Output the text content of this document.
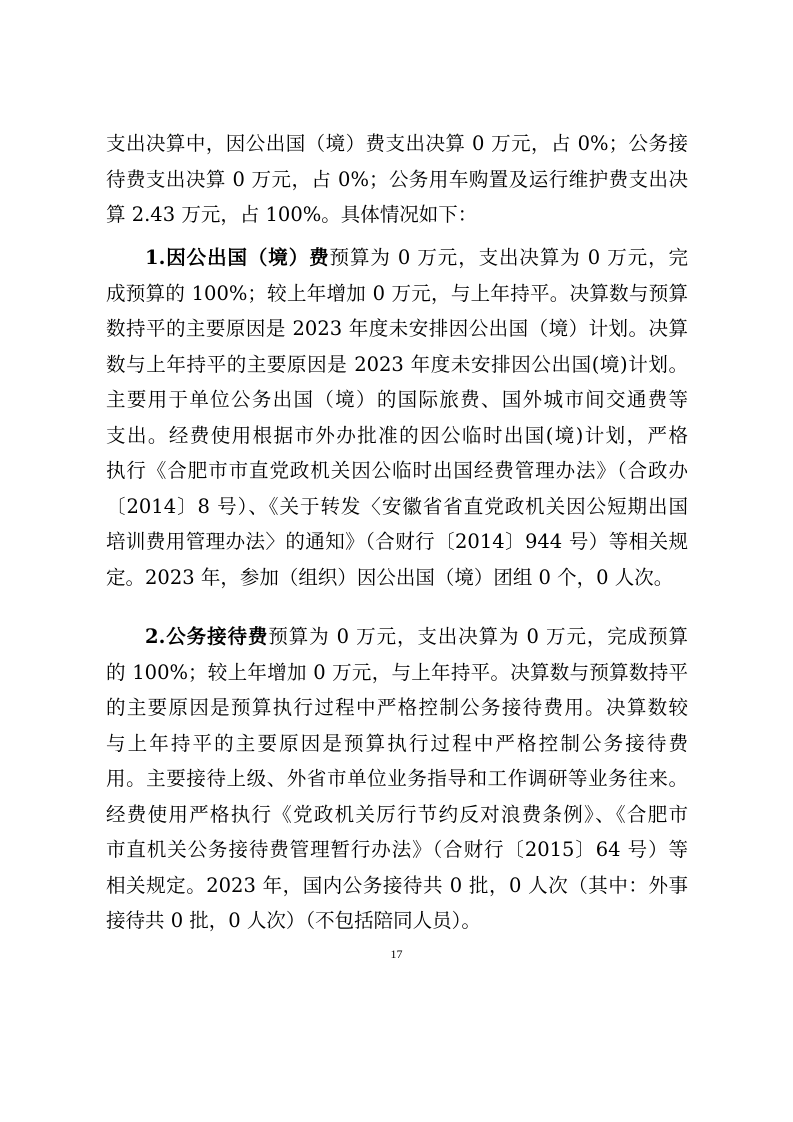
支出决算中，因公出国（境）费支出决算 0 万元，占 0%；公务接
待费支出决算 0 万元，占 0%；公务用车购置及运行维护费支出决
算 2.43 万元，占 100%。具体情况如下：
1.因公出国（境）费预算为 0 万元，支出决算为 0 万元，完
成预算的 100%；较上年增加 0 万元，与上年持平。决算数与预算
数持平的主要原因是 2023 年度未安排因公出国（境）计划。决算
数与上年持平的主要原因是 2023 年度未安排因公出国(境)计划。
主要用于单位公务出国（境）的国际旅费、国外城市间交通费等
支出。经费使用根据市外办批准的因公临时出国(境)计划，严格
执行《合肥市市直党政机关因公临时出国经费管理办法》（合政办
〔2014〕8 号）、《关于转发〈安徽省省直党政机关因公短期出国
培训费用管理办法〉的通知》（合财行〔2014〕944 号）等相关规
定。2023 年，参加（组织）因公出国（境）团组 0 个，0 人次。
2.公务接待费预算为 0 万元，支出决算为 0 万元，完成预算
的 100%；较上年增加 0 万元，与上年持平。决算数与预算数持平
的主要原因是预算执行过程中严格控制公务接待费用。决算数较
与上年持平的主要原因是预算执行过程中严格控制公务接待费
用。主要接待上级、外省市单位业务指导和工作调研等业务往来。
经费使用严格执行《党政机关厉行节约反对浪费条例》、《合肥市
市直机关公务接待费管理暂行办法》（合财行〔2015〕64 号）等
相关规定。2023 年，国内公务接待共 0 批，0 人次（其中：外事
接待共 0 批，0 人次）（不包括陪同人员）。
17
